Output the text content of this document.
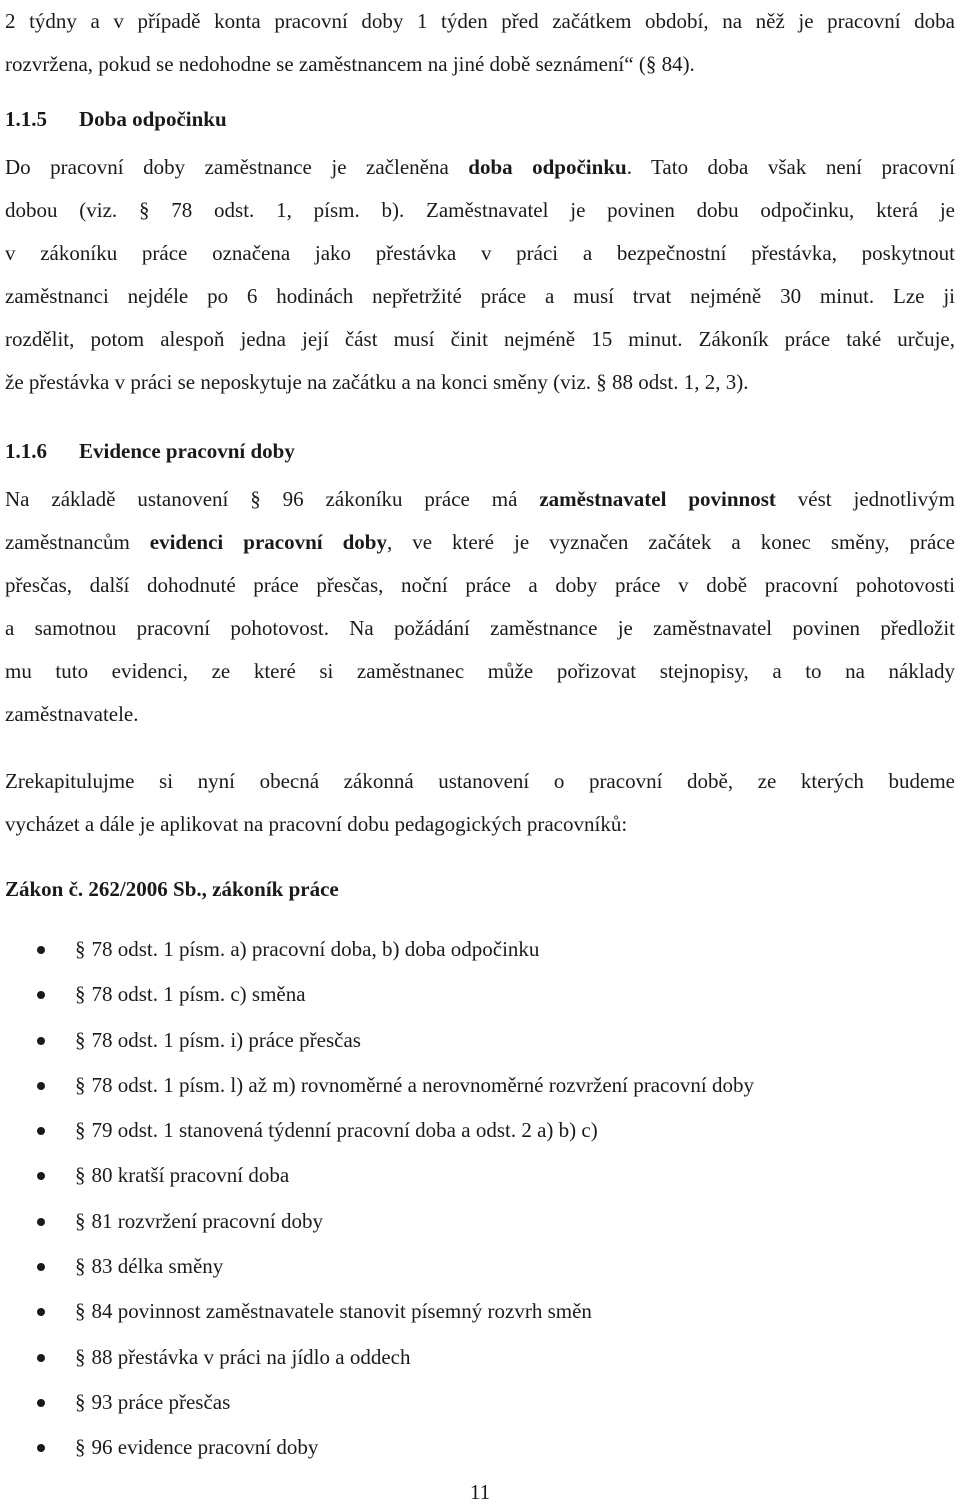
2 týdny a v případě konta pracovní doby 1 týden před začátkem období, na něž je pracovní doba
rozvržena, pokud se nedohodne se zaměstnancem na jiné době seznámení“ (§ 84).

1.1.5 Doba odpočinku

Do pracovní doby zaměstnance je začleněna doba odpočinku. Tato doba však není pracovní
dobou (viz. § 78 odst. 1, písm. b). Zaměstnavatel je povinen dobu odpočinku, která je
v zákoníku práce označena jako přestávka v práci a bezpečnostní přestávka, poskytnout
zaměstnanci nejdéle po 6 hodinách nepřetržité práce a musí trvat nejméně 30 minut. Lze ji
rozdělit, potom alespoň jedna její část musí činit nejméně 15 minut. Zákoník práce také určuje,
že přestávka v práci se neposkytuje na začátku a na konci směny (viz. § 88 odst. 1, 2, 3).

1.1.6 Evidence pracovní doby

Na základě ustanovení § 96 zákoníku práce má zaměstnavatel povinnost vést jednotlivým
zaměstnancům evidenci pracovní doby, ve které je vyznačen začátek a konec směny, práce
přesčas, další dohodnuté práce přesčas, noční práce a doby práce v době pracovní pohotovosti
a samotnou pracovní pohotovost. Na požádání zaměstnance je zaměstnavatel povinen předložit
mu tuto evidenci, ze které si zaměstnanec může pořizovat stejnopisy, a to na náklady
zaměstnavatele.

Zrekapitulujme si nyní obecná zákonná ustanovení o pracovní době, ze kterých budeme
vycházet a dále je aplikovat na pracovní dobu pedagogických pracovníků:

Zákon č. 262/2006 Sb., zákoník práce

§ 78 odst. 1 písm. a) pracovní doba, b) doba odpočinku
§ 78 odst. 1 písm. c) směna
§ 78 odst. 1 písm. i) práce přesčas
§ 78 odst. 1 písm. l) až m) rovnoměrné a nerovnoměrné rozvržení pracovní doby
§ 79 odst. 1 stanovená týdenní pracovní doba a odst. 2 a) b) c)
§ 80 kratší pracovní doba
§ 81 rozvržení pracovní doby
§ 83 délka směny
§ 84 povinnost zaměstnavatele stanovit písemný rozvrh směn
§ 88 přestávka v práci na jídlo a oddech
§ 93 práce přesčas
§ 96 evidence pracovní doby
11
